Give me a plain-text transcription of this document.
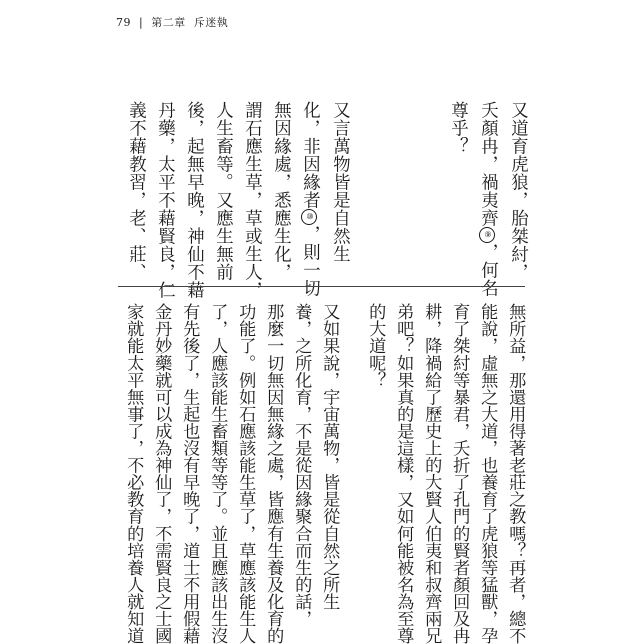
79 | 第二章 斥迷執
又道育虎狼，胎桀紂，
夭顏冉，禍夷齊⑨，何名
尊乎？
又言萬物皆是自然生
化，非因緣者⑩，則一切
無因緣處，悉應生化，
謂石應生草，草或生人，
人生畜等。又應生無前
後，起無早晚，神仙不藉
丹藥，太平不藉賢良，仁
義不藉教習，老、莊、
無所益，那還用得著老莊之教嗎？再者，總不
能說，虛無之大道，也養育了虎狼等猛獸，孕
育了桀紂等暴君，夭折了孔門的賢者顏回及冉
耕，降禍給了歷史上的大賢人伯夷和叔齊兩兄
弟吧？如果真的是這樣，又如何能被名為至尊
的大道呢？
又如果說，宇宙萬物，皆是從自然之所生
養，之所化育，不是從因緣聚合而生的話，
那麼一切無因無緣之處，皆應有生養及化育的
功能了。例如石應該能生草了，草應該能生人
了，人應該能生畜類等等了。並且應該出生沒
有先後了，生起也沒有早晚了，道士不用假藉
金丹妙藥就可以成為神仙了，不需賢良之士國
家就能太平無事了，不必教育的培養人就知道
